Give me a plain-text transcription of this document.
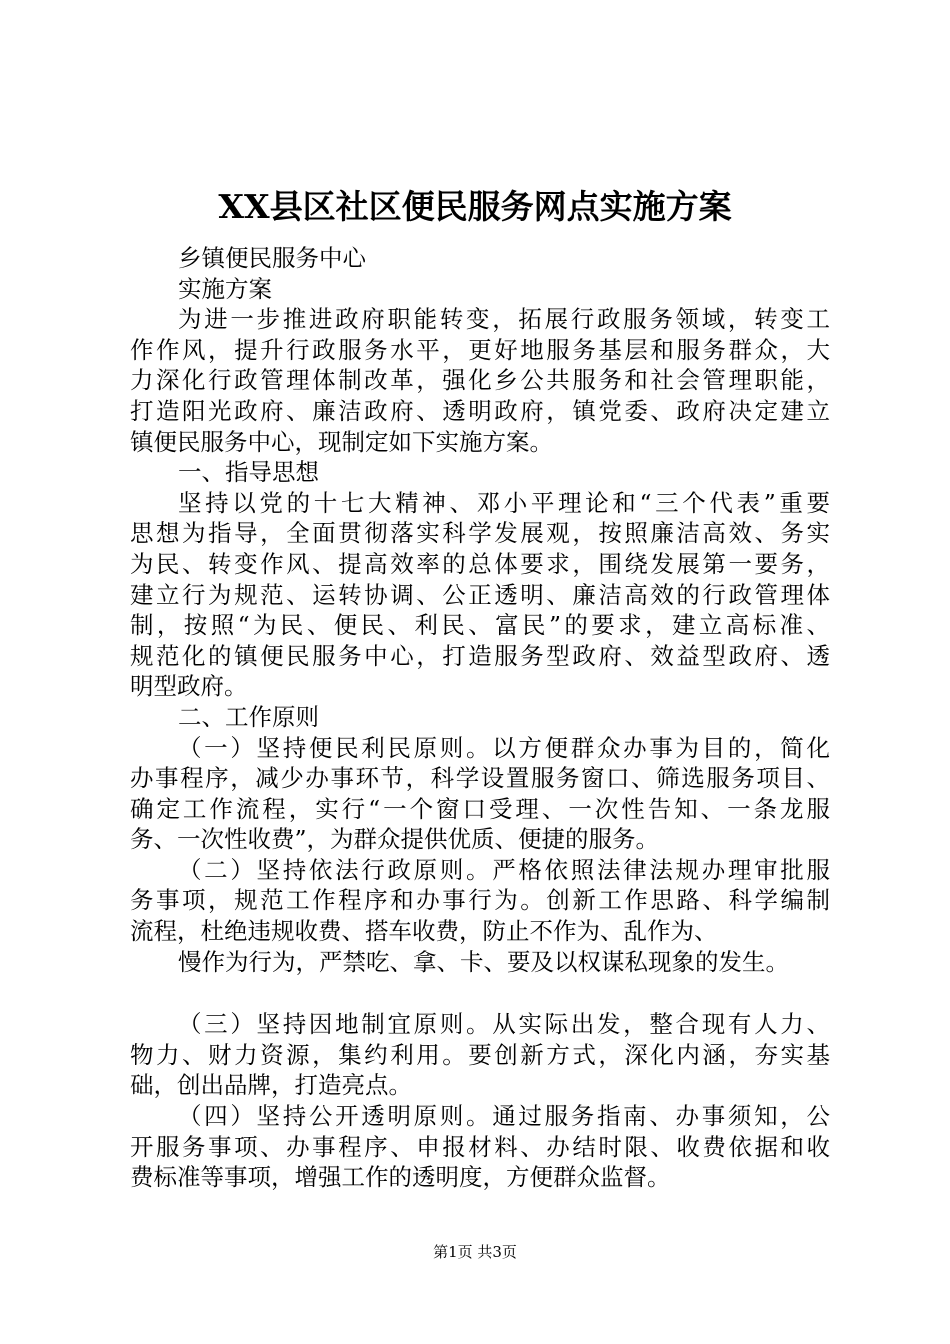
XX县区社区便民服务网点实施方案
乡镇便民服务中心
实施方案
为进一步推进政府职能转变，拓展行政服务领域，转变工
作作风，提升行政服务水平，更好地服务基层和服务群众，大
力深化行政管理体制改革，强化乡公共服务和社会管理职能，
打造阳光政府、廉洁政府、透明政府，镇党委、政府决定建立
镇便民服务中心，现制定如下实施方案。
一、指导思想
坚持以党的十七大精神、邓小平理论和“三个代表”重要
思想为指导，全面贯彻落实科学发展观，按照廉洁高效、务实
为民、转变作风、提高效率的总体要求，围绕发展第一要务，
建立行为规范、运转协调、公正透明、廉洁高效的行政管理体
制，按照“为民、便民、利民、富民”的要求，建立高标准、
规范化的镇便民服务中心，打造服务型政府、效益型政府、透
明型政府。
二、工作原则
（一）坚持便民利民原则。以方便群众办事为目的，简化
办事程序，减少办事环节，科学设置服务窗口、筛选服务项目、
确定工作流程，实行“一个窗口受理、一次性告知、一条龙服
务、一次性收费”，为群众提供优质、便捷的服务。
（二）坚持依法行政原则。严格依照法律法规办理审批服
务事项，规范工作程序和办事行为。创新工作思路、科学编制
流程，杜绝违规收费、搭车收费，防止不作为、乱作为、
慢作为行为，严禁吃、拿、卡、要及以权谋私现象的发生。
（三）坚持因地制宜原则。从实际出发，整合现有人力、
物力、财力资源，集约利用。要创新方式，深化内涵，夯实基
础，创出品牌，打造亮点。
（四）坚持公开透明原则。通过服务指南、办事须知，公
开服务事项、办事程序、申报材料、办结时限、收费依据和收
费标准等事项，增强工作的透明度，方便群众监督。
第1页 共3页
